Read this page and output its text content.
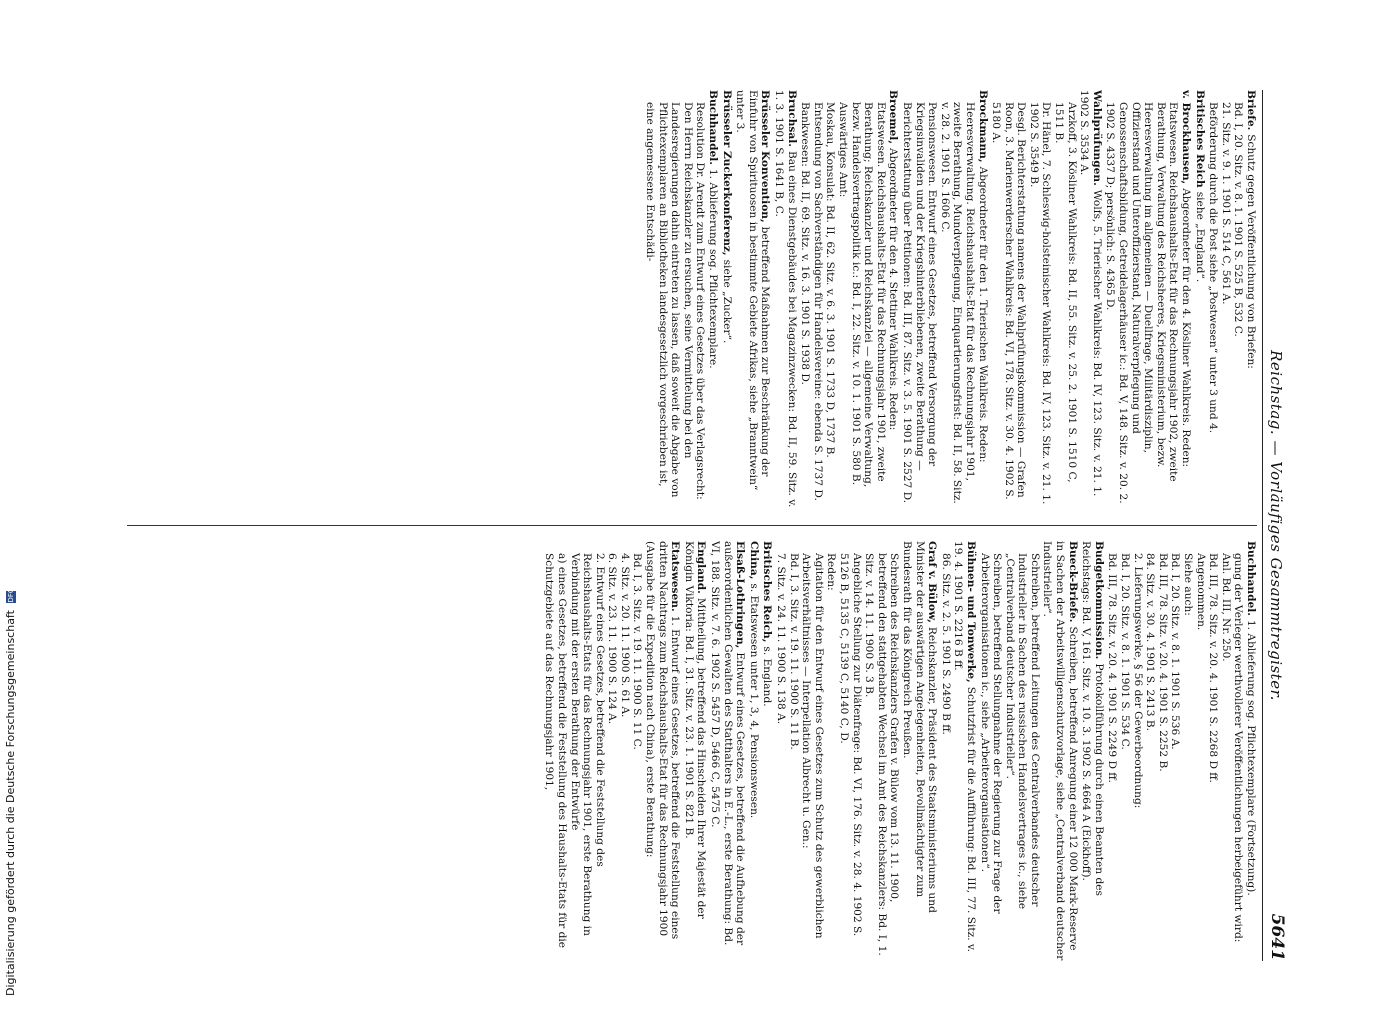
Reichstag. — Vorläufiges Gesammtregister.
5641
Briefe.Schutz gegen Veröffentlichung von Briefen:

Bd. I, 20. Sitz. v. 8. 1. 1901 S. 525 B, 532 C.
21. Sitz. v. 9. 1. 1901 S. 514 C, 561 A.
Beförderung durch die Post siehe „Postwesen“ unter 3 und 4.
Britisches Reichsiehe „England“.

v. Brockhausen,Abgeordneter für den 4. Kösliner Wahlkreis. Reden:

Etatswesen. Reichshaushalts-Etat für das Rechnungsjahr 1902, zweite Berathung, Verwaltung des Reichsheeres, Kriegsministerium, bezw. Heeresverwaltung im allgemeinen — Duellfrage, Militärdisziplin, Offizierstand und Unteroffizierstand, Naturalverpflegung und Genossenschaftsbildung, Getreidelagerhäuser ic.: Bd. V, 148. Sitz. v. 20. 2. 1902 S. 4337 D; persönlich: S. 4365 D.
Wahlprüfungen.Wolfs, 5. Trierischer Wahlkreis: Bd. IV, 123. Sitz. v. 21. 1. 1902 S. 3534 A.

Arzkoff, 3. Kösliner Wahlkreis: Bd. II, 55. Sitz. v. 25. 2. 1901 S. 1510 C, 1511 B.
Dr. Hänel, 7. Schleswig-holsteinischer Wahlkreis: Bd. IV, 123. Sitz. v. 21. 1. 1902 S. 3549 B.
Desgl. Berichterstattung namens der Wahlprüfungskommission — Grafen Roon, 3. Marienwerderscher Wahlkreis: Bd. VI, 178. Sitz. v. 30. 4. 1902 S. 5180 A.
Brockmann,Abgeordneter für den 1. Trierischen Wahlkreis. Reden:

Heeresverwaltung. Reichshaushalts-Etat für das Rechnungsjahr 1901, zweite Berathung, Mundverpflegung, Einquartierungsfrist: Bd. II, 58. Sitz. v. 28. 2. 1901 S. 1606 C.
Pensionswesen. Entwurf eines Gesetzes, betreffend Versorgung der Kriegsinvaliden und der Kriegshinterbliebenen, zweite Berathung — Berichterstattung über Petitionen: Bd. III, 87. Sitz. v. 3. 5. 1901 S. 2527 D.
Broemel,Abgeordneter für den 4. Stettiner Wahlkreis. Reden:

Etatswesen. Reichshaushalts-Etat für das Rechnungsjahr 1901, zweite Berathung; Reichskanzler und Reichskanzlei — allgemeine Verwaltung, bezw. Handelsvertragspolitik ic.: Bd. I, 22. Sitz. v. 10. 1. 1901 S. 580 B.
Auswärtiges Amt:
Moskau, Konsulat: Bd. II, 62. Sitz. v. 6. 3. 1901 S. 1733 D, 1737 B.
Entsendung von Sachverständigen für Handelsvereine: ebenda S. 1737 D.
Bankwesen: Bd. II, 69. Sitz. v. 16. 3. 1901 S. 1938 D.
Bruchsal.Bau eines Dienstgebäudes bei Magazinzwecken: Bd. II, 59. Sitz. v. 1. 3. 1901 S. 1641 B, C.

Brüsseler Konvention,betreffend Maßnahmen zur Beschränkung der Einfuhr von Spirituosen in bestimmte Gebiete Afrikas, siehe „Branntwein“ unter 3.

Brüsseler Zuckerkonferenz,siehe „Zucker“.

Buchhandel.1. Ablieferung sog. Pflichtexemplare.

Resolution Dr. Arendt zum Entwurf eines Gesetzes über das Verlagsrecht: Den Herrn Reichskanzler zu ersuchen, seine Vermittelung bei den Landesregierungen dahin eintreten zu lassen, daß soweit die Abgabe von Pflichtexemplaren an Bibliotheken landesgesetzlich vorgeschrieben ist, eine angemessene Entschädi-
Buchhandel.1. Ablieferung sog. Pflichtexemplare (Fortsetzung).

gung der Verleger werthvollerer Veröffentlichungen herbeigeführt wird: Anl. Bd. III, Nr. 250.
Bd. III, 78. Sitz. v. 20. 4. 1901 S. 2268 D ff.
Angenommen.
Siehe auch:
Bd. I, 20. Sitz. v. 8. 1. 1901 S. 536 A.
Bd. III, 78. Sitz. v. 20. 4. 1901 S. 2252 B.
84. Sitz. v. 30. 4. 1901 S. 2413 B.
2. Lieferungswerke, § 56 der Gewerbeordnung:
Bd. I, 20. Sitz. v. 8. 1. 1901 S. 534 C.
Bd. III, 78. Sitz. v. 20. 4. 1901 S. 2249 D ff.
Budgetkommission.Protokollführung durch einen Beamten des Reichstags: Bd. V, 161. Sitz. v. 10. 3. 1902 S. 4664 A (Eickhoff).

Bueck-Briefe.Schreiben, betreffend Anregung einer 12 000 Mark-Reserve in Sachen der Arbeitswilligenschutzvorlage, siehe „Centralverband deutscher Industrieller“.

Schreiben, betreffend Leitungen des Centralverbandes deutscher Industrieller in Sachen des russischen Handelsvertrages ic., siehe „Centralverband deutscher Industrieller“.
Schreiben, betreffend Stellungnahme der Regierung zur Frage der Arbeiterorganisationen ic., siehe „Arbeiterorganisationen“.
Bühnen- und Tonwerke,Schutzfrist für die Aufführung: Bd. III, 77. Sitz. v. 19. 4. 1901 S. 2216 B ff.

86. Sitz. v. 2. 5. 1901 S. 2490 B ff.
Graf v. Bülow,Reichskanzler, Präsident des Staatsministeriums und Minister der auswärtigen Angelegenheiten, Bevollmächtigter zum Bundesrath für das Königreich Preußen.

Schreiben des Reichskanzlers Grafen v. Bülow vom 13. 11. 1900, betreffend den stattgehabten Wechsel im Amt des Reichskanzlers: Bd. I, 1. Sitz. v. 14. 11. 1900 S. 3 B.
Angebliche Stellung zur Diätenfrage: Bd. VI, 176. Sitz. v. 28. 4. 1902 S. 5126 B, 5135 C, 5139 C, 5140 C, D.
Reden:
Agitation für den Entwurf eines Gesetzes zum Schutz des gewerblichen Arbeitsverhältnisses — Interpellation Albrecht u. Gen.:
Bd. I, 3. Sitz. v. 19. 11. 1900 S. 11 B.
7. Sitz. v. 24. 11. 1900 S. 138 A.
Britisches Reich,s. England.

China,s. Etatswesen unter 1, 3, 4, Pensionswesen.

Elsaß-Lothringen,Entwurf eines Gesetzes, betreffend die Aufhebung der außerordentlichen Gewalten des Statthalters in E.-L., erste Berathung: Bd. VI, 188. Sitz. v. 7. 6. 1902 S. 5457 D, 5466 C, 5475 C.

England.Mittheilung, betreffend das Hinscheiden Ihrer Majestät der Königin Viktoria: Bd. I, 31. Sitz. v. 23. 1. 1901 S. 821 B.

Etatswesen.1. Entwurf eines Gesetzes, betreffend die Feststellung eines dritten Nachtrags zum Reichshaushalts-Etat für das Rechnungsjahr 1900 (Ausgabe für die Expedition nach China), erste Berathung:

Bd. I, 3. Sitz. v. 19. 11. 1900 S. 11 C.
4. Sitz. v. 20. 11. 1900 S. 61 A.
6. Sitz. v. 23. 11. 1900 S. 124 A.
2. Entwurf eines Gesetzes, betreffend die Feststellung des Reichshaushalts-Etats für das Rechnungsjahr 1901, erste Berathung in Verbindung mit der ersten Berathung der Entwürfe
a) eines Gesetzes, betreffend die Feststellung des Haushalts-Etats für die Schutzgebiete auf das Rechnungsjahr 1901,
Digitalisierung gefördert durch die Deutsche Forschungsgemeinschaft DFG
